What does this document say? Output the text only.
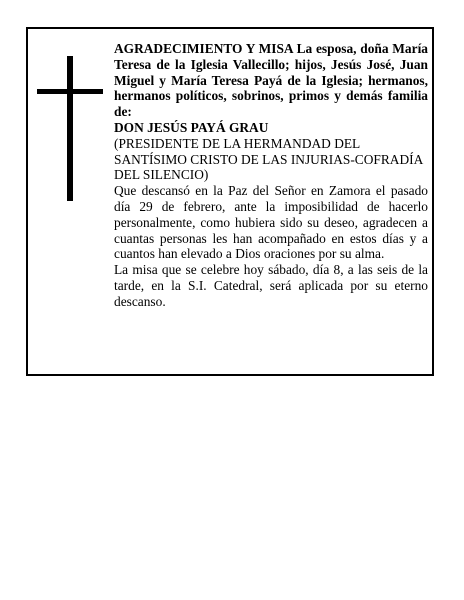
AGRADECIMIENTO Y MISA La esposa, doña María Teresa de la Iglesia Vallecillo; hijos, Jesús José, Juan Miguel y María Teresa Payá de la Iglesia; hermanos, hermanos políticos, sobrinos, primos y demás familia de:

DON JESÚS PAYÁ GRAU

(PRESIDENTE DE LA HERMANDAD DEL SANTÍSIMO CRISTO DE LAS INJURIAS-COFRADÍA DEL SILENCIO)

Que descansó en la Paz del Señor en Zamora el pasado día 29 de febrero, ante la imposibilidad de hacerlo personalmente, como hubiera sido su deseo, agradecen a cuantas personas les han acompañado en estos días y a cuantos han elevado a Dios oraciones por su alma.

La misa que se celebre hoy sábado, día 8, a las seis de la tarde, en la S.I. Catedral, será aplicada por su eterno descanso.
